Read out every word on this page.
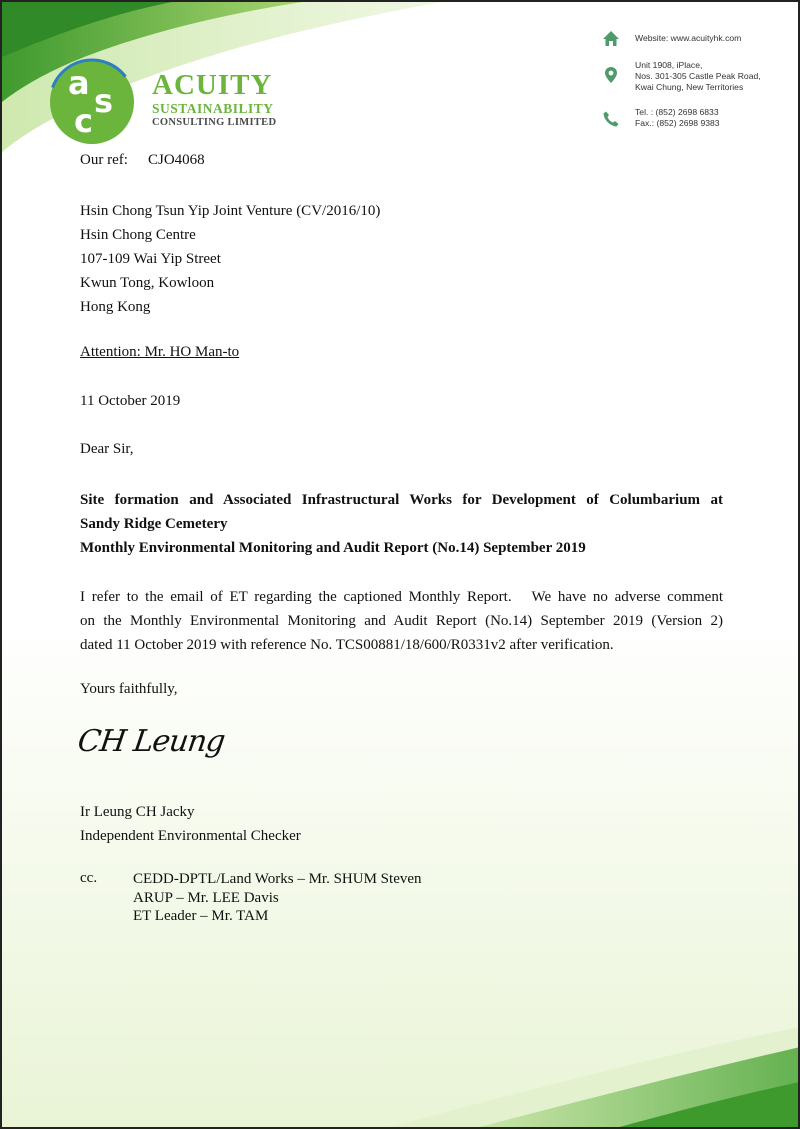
a s
c
ACUITY
SUSTAINABILITY
CONSULTING LIMITED
Website: www.acuityhk.com
Unit 1908, iPlace,
Nos. 301-305 Castle Peak Road,
Kwai Chung, New Territories
Tel. : (852) 2698 6833
Fax.: (852) 2698 9383
Our ref: CJO4068
Hsin Chong Tsun Yip Joint Venture (CV/2016/10)
Hsin Chong Centre
107-109 Wai Yip Street
Kwun Tong, Kowloon
Hong Kong
Attention: Mr. HO Man-to
11 October 2019
Dear Sir,
Site formation and Associated Infrastructural Works for Development of Columbarium at
Sandy Ridge Cemetery
Monthly Environmental Monitoring and Audit Report (No.14) September 2019
I refer to the email of ET regarding the captioned Monthly Report.   We have no adverse comment
on the Monthly Environmental Monitoring and Audit Report (No.14) September 2019 (Version 2)
dated 11 October 2019 with reference No. TCS00881/18/600/R0331v2 after verification.
Yours faithfully,
CH Leung
Ir Leung CH Jacky
Independent Environmental Checker
cc. CEDD-DPTL/Land Works – Mr. SHUM Steven
ARUP – Mr. LEE Davis
ET Leader – Mr. TAM
